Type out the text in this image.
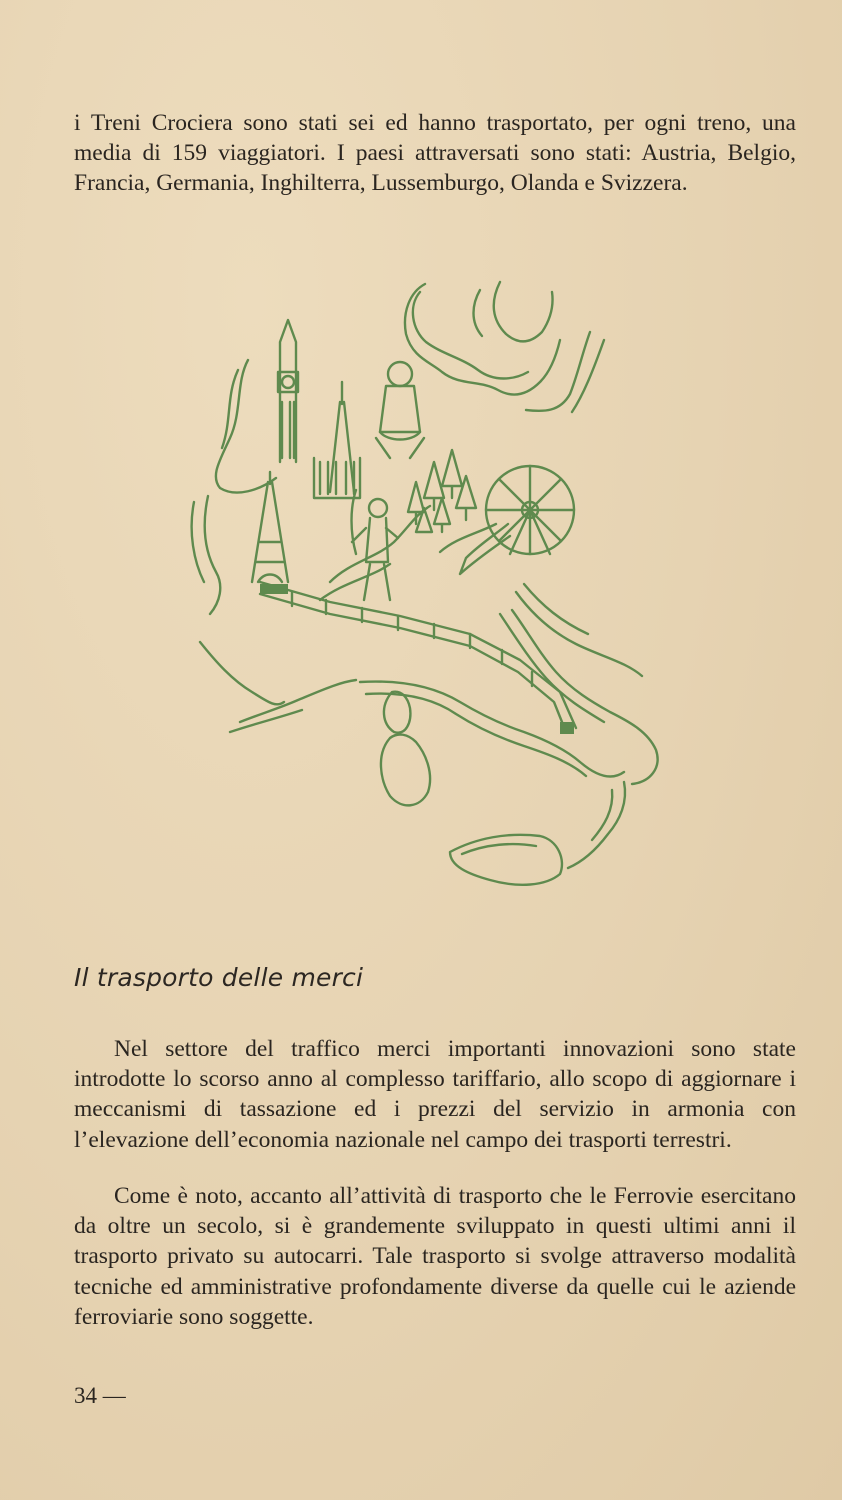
i Treni Crociera sono stati sei ed hanno trasportato, per ogni treno, una media di 159 viaggiatori. I paesi attraversati sono stati: Austria, Belgio, Francia, Germania, Inghilterra, Lussemburgo, Olanda e Svizzera.

Il trasporto delle merci

Nel settore del traffico merci importanti innovazioni sono state introdotte lo scorso anno al complesso tariffario, allo scopo di aggiornare i meccanismi di tassazione ed i prezzi del servizio in armonia con l’elevazione dell’economia nazionale nel campo dei trasporti terrestri.

Come è noto, accanto all’attività di trasporto che le Ferrovie esercitano da oltre un secolo, si è grandemente sviluppato in questi ultimi anni il trasporto privato su autocarri. Tale trasporto si svolge attraverso modalità tecniche ed amministrative profondamente diverse da quelle cui le aziende ferroviarie sono soggette.

34 —
